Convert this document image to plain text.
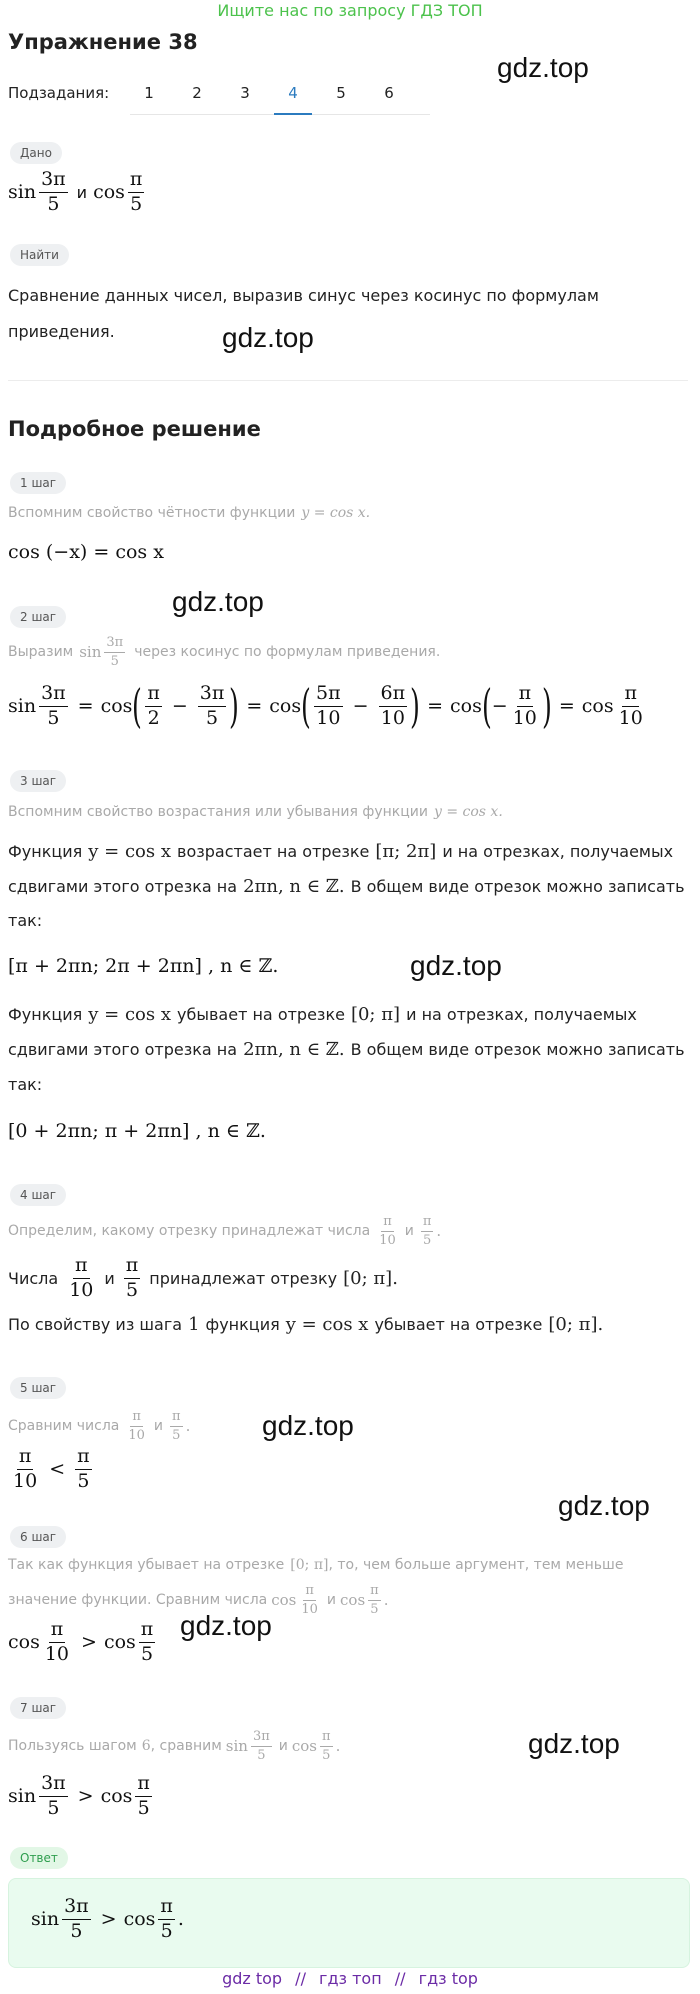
Ищите нас по запросу ГДЗ ТОП
Упражнение 38
gdz.top
Подзадания:	1	2	3	4	5	6
Дано
$\sin \frac{3\pi}{5}$ и $\cos \frac{\pi}{5}$
Найти
Сравнение данных чисел, выразив синус через косинус по формулам приведения.	gdz.top
Подробное решение
1 шаг
Вспомним свойство чётности функции y = cos x.
cos (−x) = cos x
gdz.top
2 шаг
Выразим $\sin \frac{3\pi}{5}$ через косинус по формулам приведения.
$\sin \frac{3\pi}{5} = \cos$ ( $\frac{\pi}{2} - \frac{3\pi}{5}$ ) = cos ( $\frac{5\pi}{10} - \frac{6\pi}{10}$ ) = cos ( − $\frac{\pi}{10}$ ) = $\cos \frac{\pi}{10}$
3 шаг
Вспомним свойство возрастания или убывания функции y = cos x.
Функция y = cos x возрастает на отрезке [π; 2π] и на отрезках, получаемых
сдвигами этого отрезка на 2πn, n ∈ ℤ. В общем виде отрезок можно записать
так:
[π + 2πn; 2π + 2πn] , n ∈ ℤ.	gdz.top
Функция y = cos x убывает на отрезке [0; π] и на отрезках, получаемых
сдвигами этого отрезка на 2πn, n ∈ ℤ. В общем виде отрезок можно записать
так:
[0 + 2πn; π + 2πn] , n ∈ ℤ.
4 шаг
Определим, какому отрезку принадлежат числа $\frac{\pi}{10}$ и $\frac{\pi}{5}$ .
Числа $\frac{\pi}{10}$ и $\frac{\pi}{5}$ принадлежат отрезку [0; π].
По свойству из шага 1 функция y = cos x убывает на отрезке [0; π].
5 шаг
Сравним числа $\frac{\pi}{10}$ и $\frac{\pi}{5}$ .	gdz.top
$\frac{\pi}{10} < \frac{\pi}{5}$
gdz.top
6 шаг
Так как функция убывает на отрезке [0; π] , то, чем больше аргумент, тем меньше
значение функции. Сравним числа $\cos \frac{\pi}{10}$ и $\cos \frac{\pi}{5}$ .
$\cos \frac{\pi}{10} > \cos \frac{\pi}{5} gdz.top$
7 шаг
Пользуясь шагом 6 , сравним $\sin \frac{3\pi}{5}$ и $\cos \frac{\pi}{5}$ .	gdz.top
$\sin \frac{3\pi}{5} > \cos \frac{\pi}{5}$
Ответ
$\sin \frac{3\pi}{5} > \cos \frac{\pi}{5}$ .
gdz top // гдз топ // гдз top
